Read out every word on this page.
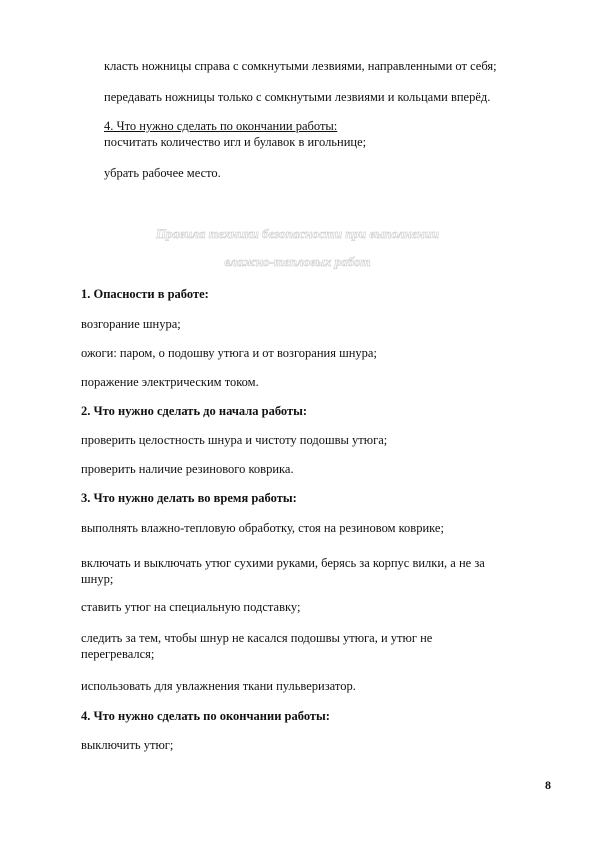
класть ножницы справа с сомкнутыми лезвиями, направленными от себя;

передавать ножницы только с сомкнутыми лезвиями и кольцами вперёд.

4. Что нужно сделать по окончании работы:

посчитать количество игл и булавок в игольнице;

убрать рабочее место.

Правила техники безопасности при выполнении

влажно-тепловых работ

1. Опасности в работе:

возгорание шнура;

ожоги: паром, о подошву утюга и от возгорания шнура;

поражение электрическим током.

2. Что нужно сделать до начала работы:

проверить целостность шнура и чистоту подошвы утюга;

проверить наличие резинового коврика.

3. Что нужно делать во время работы:

выполнять влажно-тепловую обработку, стоя на резиновом коврике;

включать и выключать утюг сухими руками, берясь за корпус вилки, а не за

шнур;

ставить утюг на специальную подставку;

следить за тем, чтобы шнур не касался подошвы утюга, и утюг не

перегревался;

использовать для увлажнения ткани пульверизатор.

4. Что нужно сделать по окончании работы:

выключить утюг;

8
